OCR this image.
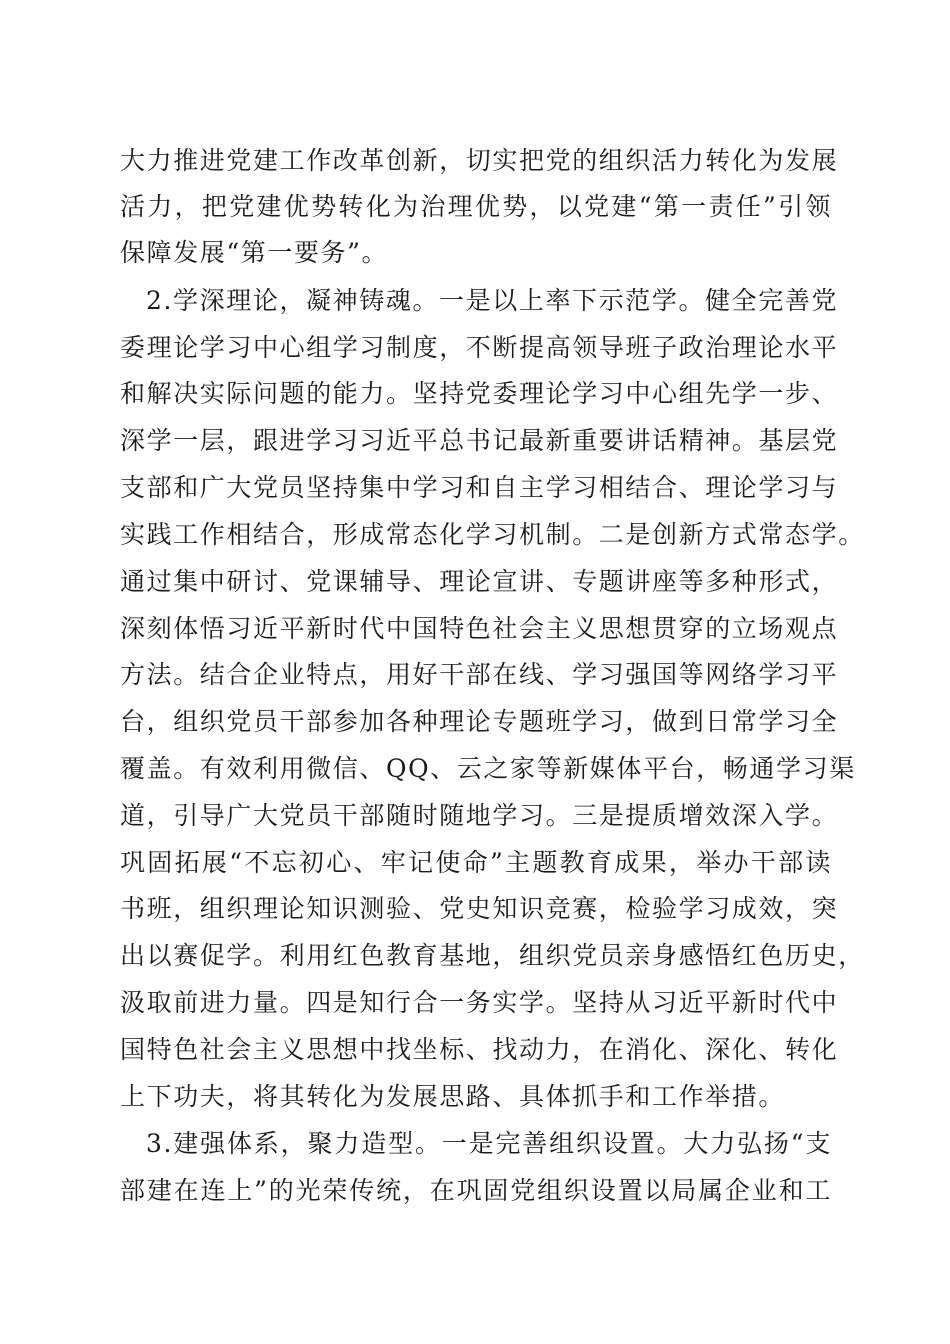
大力推进党建工作改革创新，切实把党的组织活力转化为发展
活力，把党建优势转化为治理优势，以党建“第一责任”引领
保障发展“第一要务”。
2.学深理论，凝神铸魂。一是以上率下示范学。健全完善党
委理论学习中心组学习制度，不断提高领导班子政治理论水平
和解决实际问题的能力。坚持党委理论学习中心组先学一步、
深学一层，跟进学习习近平总书记最新重要讲话精神。基层党
支部和广大党员坚持集中学习和自主学习相结合、理论学习与
实践工作相结合，形成常态化学习机制。二是创新方式常态学。
通过集中研讨、党课辅导、理论宣讲、专题讲座等多种形式，
深刻体悟习近平新时代中国特色社会主义思想贯穿的立场观点
方法。结合企业特点，用好干部在线、学习强国等网络学习平
台，组织党员干部参加各种理论专题班学习，做到日常学习全
覆盖。有效利用微信、QQ、云之家等新媒体平台，畅通学习渠
道，引导广大党员干部随时随地学习。三是提质增效深入学。
巩固拓展“不忘初心、牢记使命”主题教育成果，举办干部读
书班，组织理论知识测验、党史知识竞赛，检验学习成效，突
出以赛促学。利用红色教育基地，组织党员亲身感悟红色历史，
汲取前进力量。四是知行合一务实学。坚持从习近平新时代中
国特色社会主义思想中找坐标、找动力，在消化、深化、转化
上下功夫，将其转化为发展思路、具体抓手和工作举措。
3.建强体系，聚力造型。一是完善组织设置。大力弘扬“支
部建在连上”的光荣传统，在巩固党组织设置以局属企业和工
